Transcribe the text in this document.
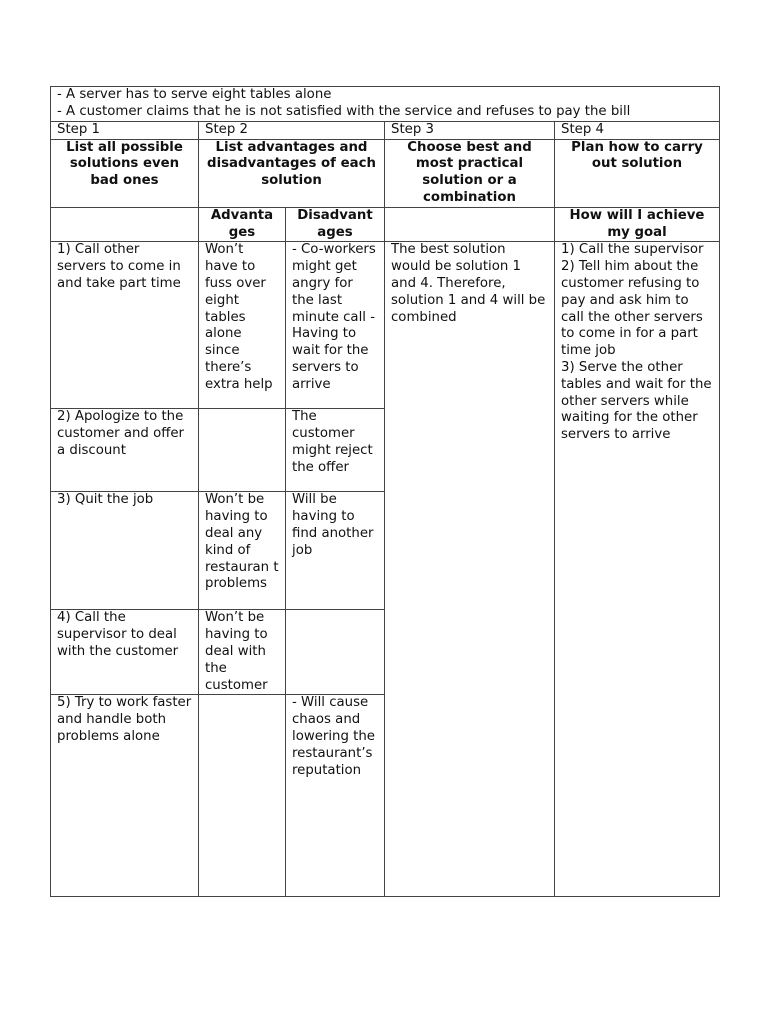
- A server has to serve eight tables alone
- A customer claims that he is not satisfied with the service and refuses to pay the bill				

Step 1	Step 2		Step 3	Step 4
List all possible solutions even bad ones	List advantages and disadvantages of each solution		Choose best and most practical solution or a combination	Plan how to carry out solution
	Advanta ges	Disadvant ages		How will I achieve my goal
1) Call other servers to come in and take part time	Won’t have to fuss over eight tables alone since there’s extra help	- Co-workers might get angry for the last minute call - Having to wait for the servers to arrive	The best solution would be solution 1 and 4. Therefore, solution 1 and 4 will be combined	1) Call the supervisor
2) Tell him about the customer refusing to pay and ask him to call the other servers to come in for a part time job
3) Serve the other tables and wait for the other servers while waiting for the other servers to arrive

2) Apologize to the customer and offer a discount		The customer might reject the offer		
3) Quit the job	Won’t be having to deal any kind of restauran t problems	Will be having to find another job		
4) Call the supervisor to deal with the customer	Won’t be having to deal with the customer			
5) Try to work faster and handle both problems alone		- Will cause chaos and lowering the restaurant’s reputation		
